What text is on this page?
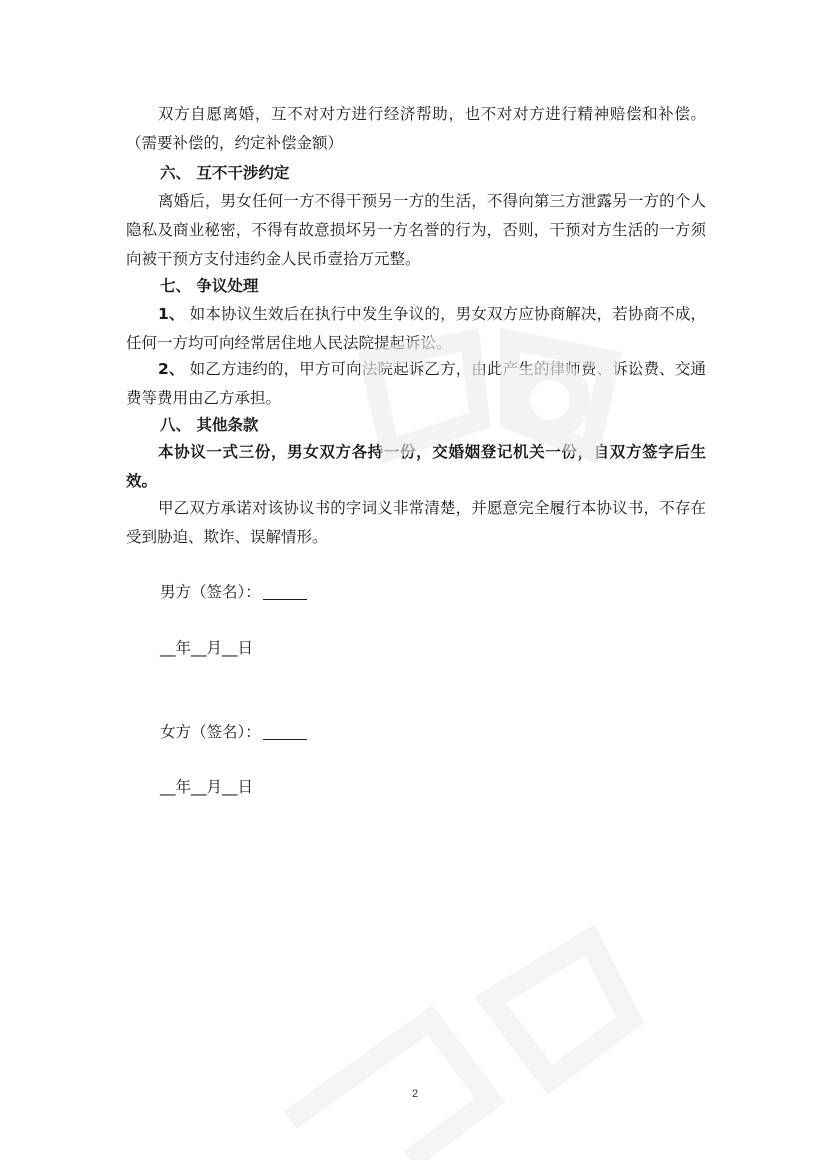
双方自愿离婚，互不对对方进行经济帮助，也不对对方进行精神赔偿和补偿。（需要补偿的，约定补偿金额）

六、 互不干涉约定

离婚后，男女任何一方不得干预另一方的生活，不得向第三方泄露另一方的个人隐私及商业秘密，不得有故意损坏另一方名誉的行为，否则，干预对方生活的一方须向被干预方支付违约金人民币壹拾万元整。

七、 争议处理

1、 如本协议生效后在执行中发生争议的，男女双方应协商解决，若协商不成，任何一方均可向经常居住地人民法院提起诉讼。

2、 如乙方违约的，甲方可向法院起诉乙方，由此产生的律师费、诉讼费、交通费等费用由乙方承担。

八、 其他条款

本协议一式三份，男女双方各持一份，交婚姻登记机关一份，自双方签字后生效。

甲乙双方承诺对该协议书的字词义非常清楚，并愿意完全履行本协议书，不存在受到胁迫、欺诈、误解情形。

男方（签名）：

__年__月__日

女方（签名）：

__年__月__日

2
